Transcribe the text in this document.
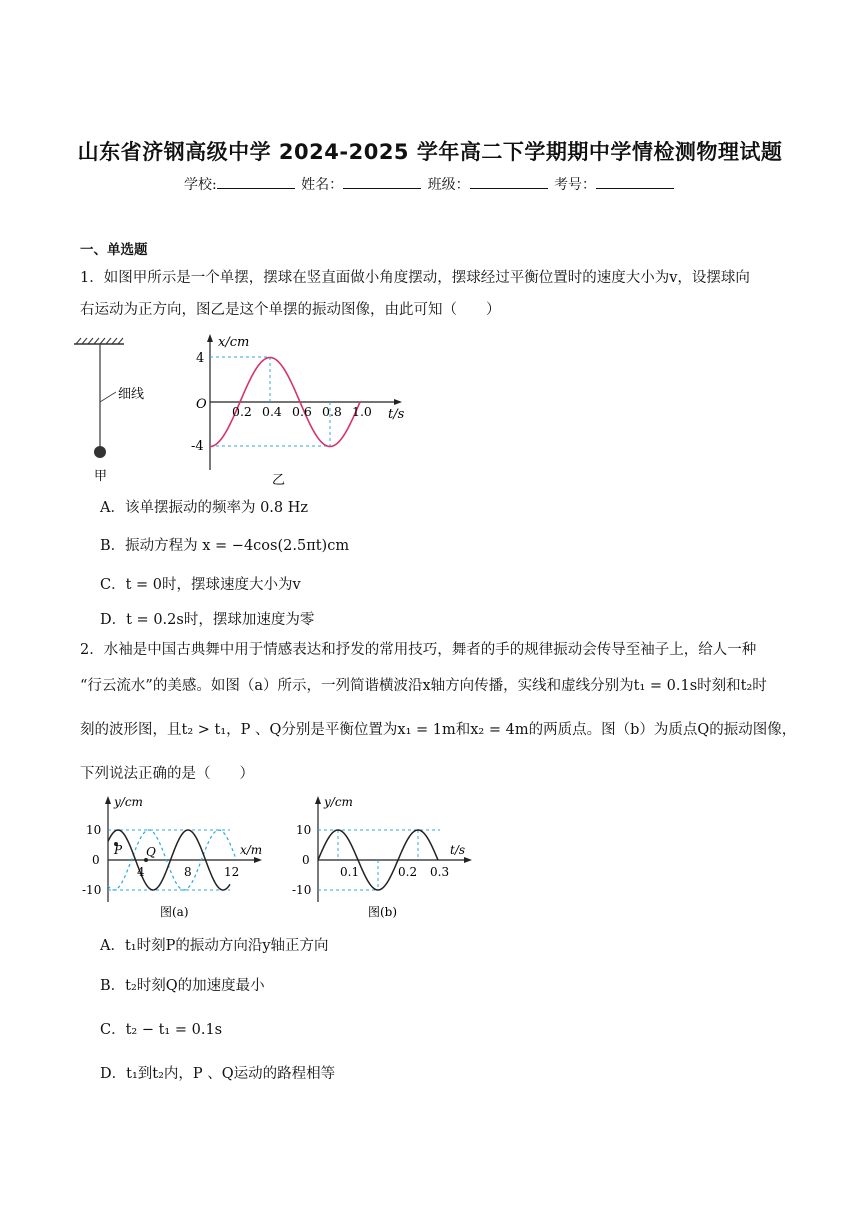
山东省济钢高级中学 2024-2025 学年高二下学期期中学情检测物理试题
学校:	姓名：	班级：	考号：
一、单选题
1．如图甲所示是一个单摆，摆球在竖直面做小角度摆动，摆球经过平衡位置时的速度大小为v，设摆球向
右运动为正方向，图乙是这个单摆的振动图像，由此可知（　　）
细线
甲
x/cm
t/s
O
4
-4
0.2 0.4 0.6 0.8 1.0
乙
A．该单摆振动的频率为 0.8 Hz
B．振动方程为 x = −4cos(2.5πt)cm
C．t = 0时，摆球速度大小为v
D．t = 0.2s时，摆球加速度为零
2．水袖是中国古典舞中用于情感表达和抒发的常用技巧，舞者的手的规律振动会传导至袖子上，给人一种
“行云流水”的美感。如图（a）所示，一列简谐横波沿x轴方向传播，实线和虚线分别为t₁ = 0.1s时刻和t₂时
刻的波形图，且t₂ > t₁，P 、Q分别是平衡位置为x₁ = 1m和x₂ = 4m的两质点。图（b）为质点Q的振动图像，
下列说法正确的是（　　）
y/cm
x/m
10
0
-10
P Q
4	8	12
图(a)
y/cm
t/s
10
0
-10
0.1	0.2 0.3
图(b)
A．t₁时刻P的振动方向沿y轴正方向
B．t₂时刻Q的加速度最小
C．t₂ − t₁ = 0.1s
D．t₁到t₂内，P 、Q运动的路程相等
